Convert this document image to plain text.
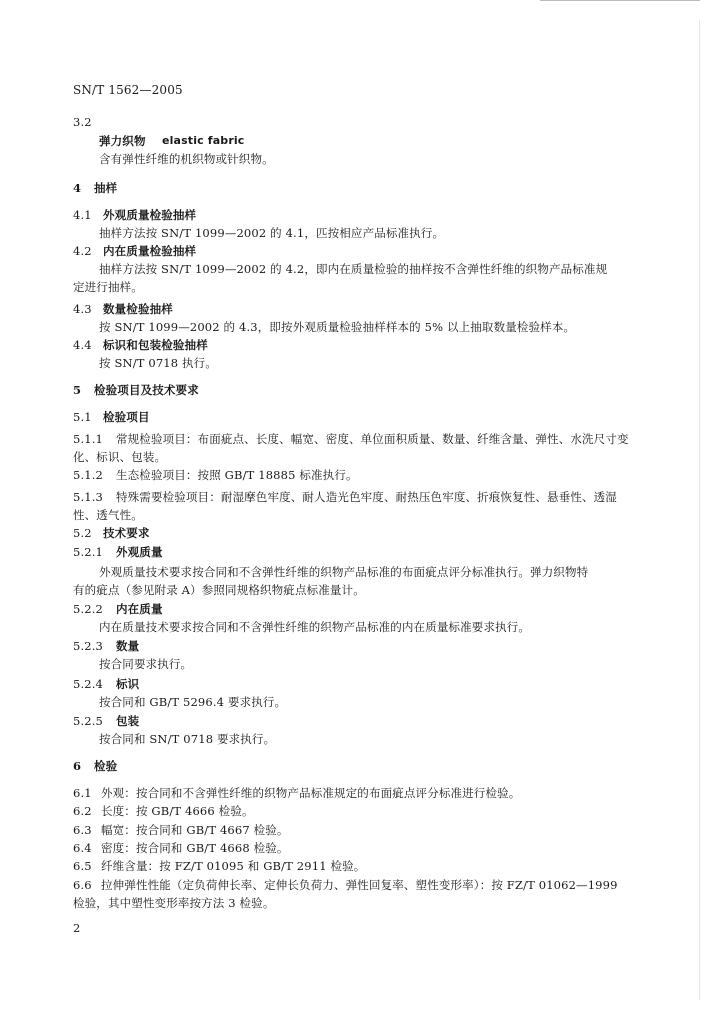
SN/T 1562—2005
3.2
弹力织物 elastic fabric
含有弹性纤维的机织物或针织物。
4 抽样
4.1 外观质量检验抽样
抽样方法按 SN/T 1099—2002 的 4.1，匹按相应产品标准执行。
4.2 内在质量检验抽样
抽样方法按 SN/T 1099—2002 的 4.2，即内在质量检验的抽样按不含弹性纤维的织物产品标准规
定进行抽样。
4.3 数量检验抽样
按 SN/T 1099—2002 的 4.3，即按外观质量检验抽样样本的 5% 以上抽取数量检验样本。
4.4 标识和包装检验抽样
按 SN/T 0718 执行。
5 检验项目及技术要求
5.1 检验项目
5.1.1 常规检验项目：布面疵点、长度、幅宽、密度、单位面积质量、数量、纤维含量、弹性、水洗尺寸变
化、标识、包装。
5.1.2 生态检验项目：按照 GB/T 18885 标准执行。
5.1.3 特殊需要检验项目：耐湿摩色牢度、耐人造光色牢度、耐热压色牢度、折痕恢复性、悬垂性、透湿
性、透气性。
5.2 技术要求
5.2.1 外观质量
外观质量技术要求按合同和不含弹性纤维的织物产品标准的布面疵点评分标准执行。弹力织物特
有的疵点（参见附录 A）参照同规格织物疵点标准量计。
5.2.2 内在质量
内在质量技术要求按合同和不含弹性纤维的织物产品标准的内在质量标准要求执行。
5.2.3 数量
按合同要求执行。
5.2.4 标识
按合同和 GB/T 5296.4 要求执行。
5.2.5 包装
按合同和 SN/T 0718 要求执行。
6 检验
6.1 外观：按合同和不含弹性纤维的织物产品标准规定的布面疵点评分标准进行检验。
6.2 长度：按 GB/T 4666 检验。
6.3 幅宽：按合同和 GB/T 4667 检验。
6.4 密度：按合同和 GB/T 4668 检验。
6.5 纤维含量：按 FZ/T 01095 和 GB/T 2911 检验。
6.6 拉伸弹性性能（定负荷伸长率、定伸长负荷力、弹性回复率、塑性变形率）：按 FZ/T 01062—1999
检验，其中塑性变形率按方法 3 检验。
2
